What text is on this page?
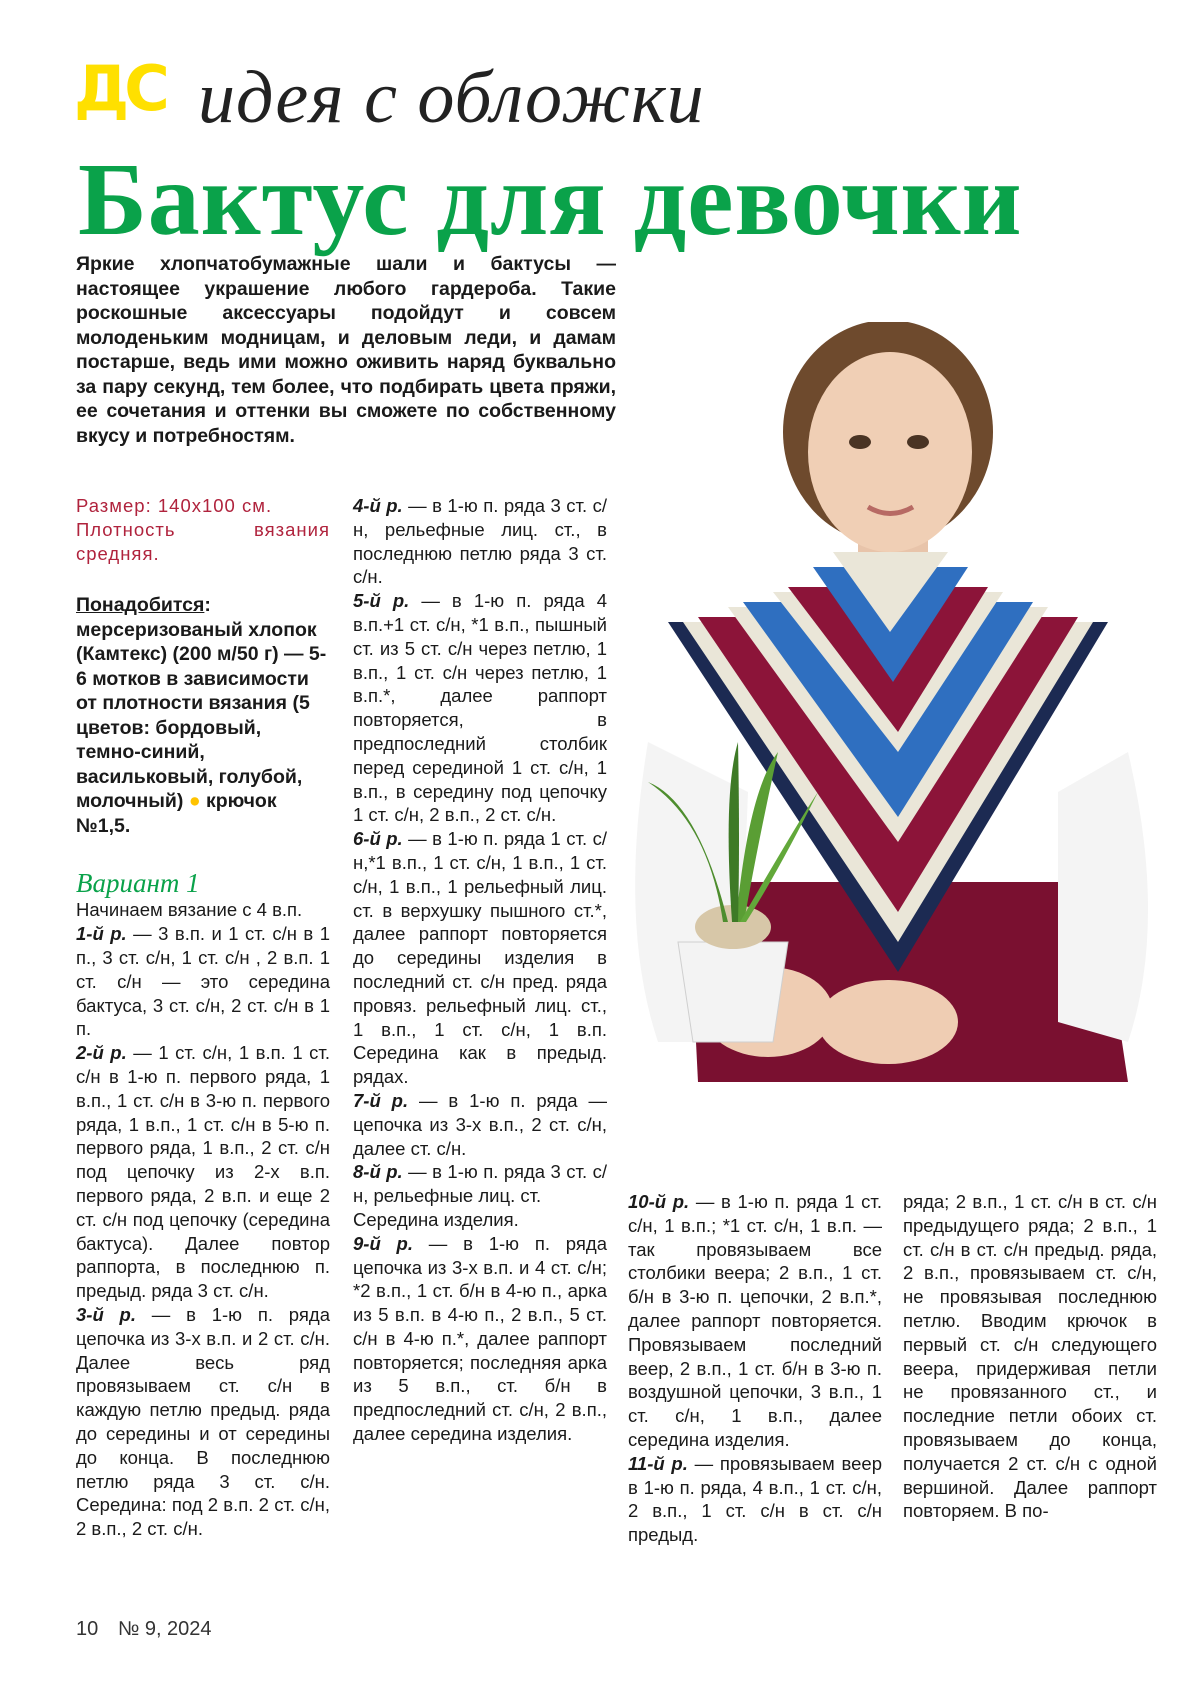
ДС идея с обложки
Бактус для девочки
Яркие хлопчатобумажные шали и бактусы — настоящее украшение любого гардероба. Такие роскошные аксессуары подойдут и совсем молоденьким модницам, и деловым леди, и дамам постарше, ведь ими можно оживить наряд буквально за пару секунд, тем более, что подбирать цвета пряжи, ее сочетания и оттенки вы сможете по собственному вкусу и потребностям.

Размер: 140х100 см.

Плотность вязания средняя.

Понадобится: мерсеризованый хлопок (Камтекс) (200 м/50 г) — 5-6 мотков в зависимости от плотности вязания (5 цветов: бордовый, темно-синий, васильковый, голубой, молочный) ● крючок №1,5.
Вариант 1

Начинаем вязание с 4 в.п.

1-й р. — 3 в.п. и 1 ст. с/н в 1 п., 3 ст. с/н, 1 ст. с/н , 2 в.п. 1 ст. с/н — это середина бактуса, 3 ст. с/н, 2 ст. с/н в 1 п.

2-й р. — 1 ст. с/н, 1 в.п. 1 ст. с/н в 1-ю п. первого ряда, 1 в.п., 1 ст. с/н в 3-ю п. первого ряда, 1 в.п., 1 ст. с/н в 5-ю п. первого ряда, 1 в.п., 2 ст. с/н под цепочку из 2-х в.п. первого ряда, 2 в.п. и еще 2 ст. с/н под цепочку (середина бактуса). Далее повтор раппорта, в последнюю п. предыд. ряда 3 ст. с/н.

3-й р. — в 1-ю п. ряда цепочка из 3-х в.п. и 2 ст. с/н. Далее весь ряд провязываем ст. с/н в каждую петлю предыд. ряда до середины и от середины до конца. В последнюю петлю ряда 3 ст. с/н. Середина: под 2 в.п. 2 ст. с/н, 2 в.п., 2 ст. с/н.

4-й р. — в 1-ю п. ряда 3 ст. с/н, рельефные лиц. ст., в последнюю петлю ряда 3 ст. с/н.

5-й р. — в 1-ю п. ряда 4 в.п.+1 ст. с/н, *1 в.п., пышный ст. из 5 ст. с/н через петлю, 1 в.п., 1 ст. с/н через петлю, 1 в.п.*, далее раппорт повторяется, в предпоследний столбик перед серединой 1 ст. с/н, 1 в.п., в середину под цепочку 1 ст. с/н, 2 в.п., 2 ст. с/н.

6-й р. — в 1-ю п. ряда 1 ст. с/н,*1 в.п., 1 ст. с/н, 1 в.п., 1 ст. с/н, 1 в.п., 1 рельефный лиц. ст. в верхушку пышного ст.*, далее раппорт повторяется до середины изделия в последний ст. с/н пред. ряда провяз. рельефный лиц. ст., 1 в.п., 1 ст. с/н, 1 в.п. Середина как в предыд. рядах.

7-й р. — в 1-ю п. ряда — цепочка из 3-х в.п., 2 ст. с/н, далее ст. с/н.

8-й р. — в 1-ю п. ряда 3 ст. с/н, рельефные лиц. ст.

Середина изделия.

9-й р. — в 1-ю п. ряда цепочка из 3-х в.п. и 4 ст. с/н; *2 в.п., 1 ст. б/н в 4-ю п., арка из 5 в.п. в 4-ю п., 2 в.п., 5 ст. с/н в 4-ю п.*, далее раппорт повторяется; последняя арка из 5 в.п., ст. б/н в предпоследний ст. с/н, 2 в.п., далее середина изделия.

10-й р. — в 1-ю п. ряда 1 ст. с/н, 1 в.п.; *1 ст. с/н, 1 в.п. — так провязываем все столбики веера; 2 в.п., 1 ст. б/н в 3-ю п. цепочки, 2 в.п.*, далее раппорт повторяется. Провязываем последний веер, 2 в.п., 1 ст. б/н в 3-ю п. воздушной цепочки, 3 в.п., 1 ст. с/н, 1 в.п., далее середина изделия.

11-й р. — провязываем веер в 1-ю п. ряда, 4 в.п., 1 ст. с/н, 2 в.п., 1 ст. с/н в ст. с/н предыд.

ряда; 2 в.п., 1 ст. с/н в ст. с/н предыдущего ряда; 2 в.п., 1 ст. с/н в ст. с/н предыд. ряда, 2 в.п., провязываем ст. с/н, не провязывая последнюю петлю. Вводим крючок в первый ст. с/н следующего веера, придерживая петли не провязанного ст., и последние петли обоих ст. провязываем до конца, получается 2 ст. с/н с одной вершиной. Далее раппорт повторяем. В по-

10 № 9, 2024
